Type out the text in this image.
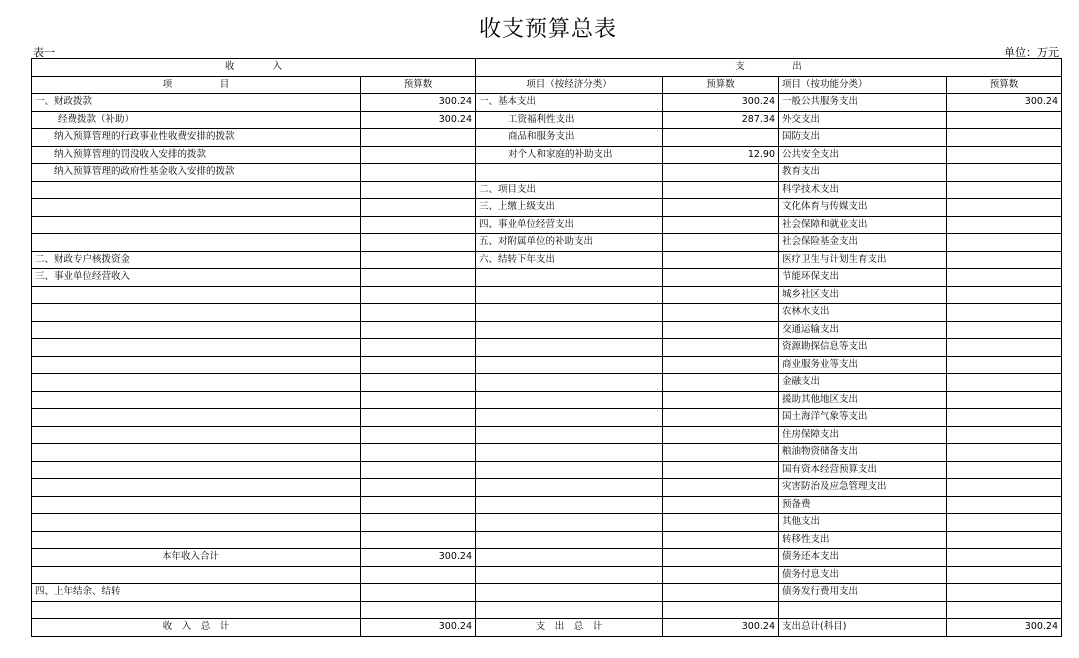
收支预算总表
表一	单位：万元
收　　　　入		支　　　　　出			
项　　　　　目	预算数	项目（按经济分类）	预算数	项目（按功能分类）	预算数
一、财政拨款	300.24	一、基本支出	300.24	一般公共服务支出	300.24
经费拨款（补助）	300.24	工资福利性支出	287.34	外交支出	
纳入预算管理的行政事业性收费安排的拨款		商品和服务支出		国防支出	
纳入预算管理的罚没收入安排的拨款		对个人和家庭的补助支出	12.90	公共安全支出	
纳入预算管理的政府性基金收入安排的拨款				教育支出	
		二、项目支出		科学技术支出	
		三、上缴上级支出		文化体育与传媒支出	
		四、事业单位经营支出		社会保障和就业支出	
		五、对附属单位的补助支出		社会保险基金支出	
二、财政专户核拨资金		六、结转下年支出		医疗卫生与计划生育支出	
三、事业单位经营收入				节能环保支出	
				城乡社区支出	
				农林水支出	
				交通运输支出	
				资源勘探信息等支出	
				商业服务业等支出	
				金融支出	
				援助其他地区支出	
				国土海洋气象等支出	
				住房保障支出	
				粮油物资储备支出	
				国有资本经营预算支出	
				灾害防治及应急管理支出	
				预备费	
				其他支出	
				转移性支出	
本年收入合计	300.24			债务还本支出	
				债务付息支出	
四、上年结余、结转				债务发行费用支出	

收　入　总　计	300.24	支　出　总　计	300.24	支出总计(科目)	300.24
